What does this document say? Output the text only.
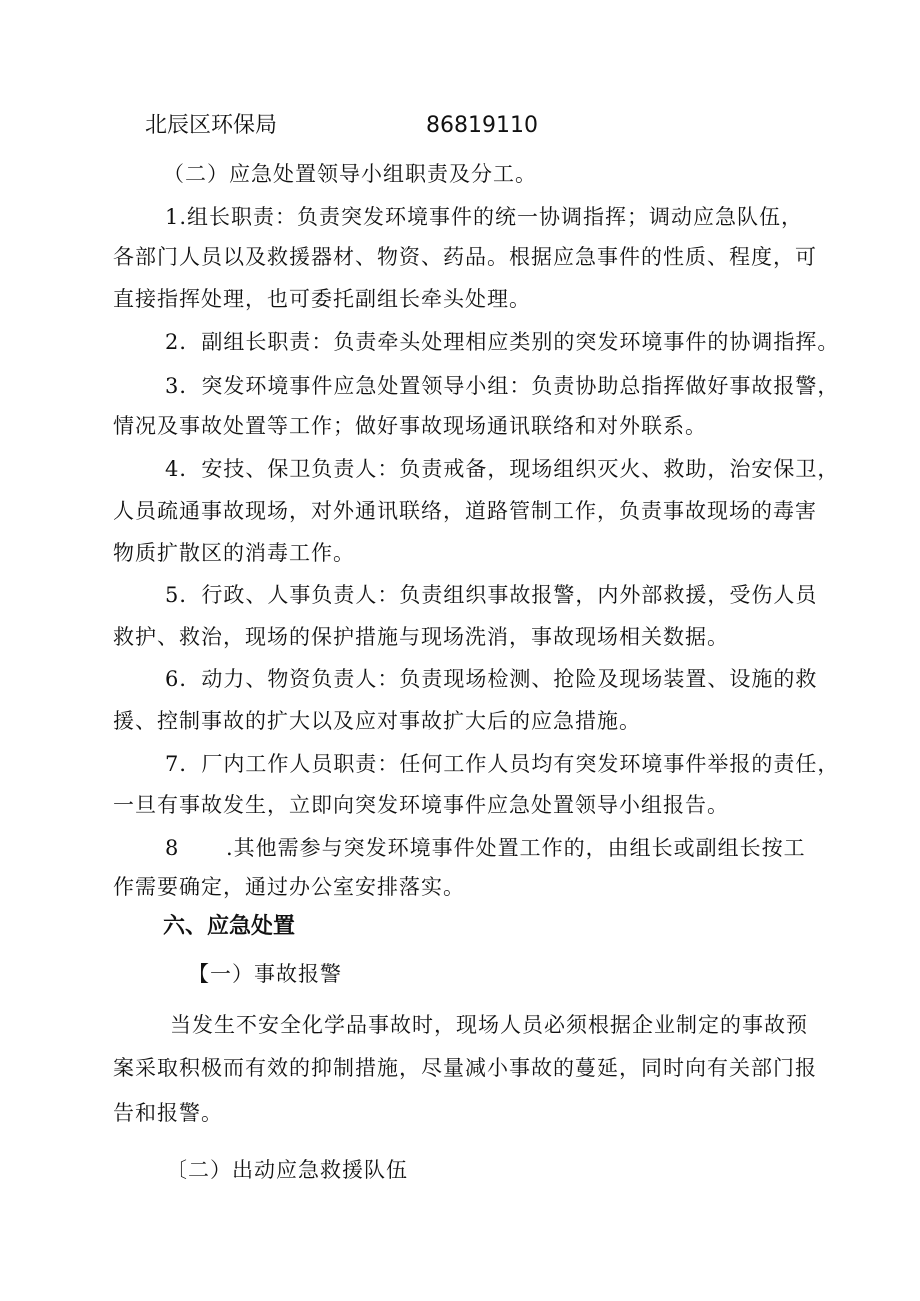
北辰区环保局	86819110
（二）应急处置领导小组职责及分工。
1.组长职责：负责突发环境事件的统一协调指挥；调动应急队伍，
各部门人员以及救援器材、物资、药品。根据应急事件的性质、程度，可
直接指挥处理，也可委托副组长牵头处理。
2．副组长职责：负责牵头处理相应类别的突发环境事件的协调指挥。
3．突发环境事件应急处置领导小组：负责协助总指挥做好事故报警，
情况及事故处置等工作；做好事故现场通讯联络和对外联系。
4．安技、保卫负责人：负责戒备，现场组织灭火、救助，治安保卫，
人员疏通事故现场，对外通讯联络，道路管制工作，负责事故现场的毒害
物质扩散区的消毒工作。
5．行政、人事负责人：负责组织事故报警，内外部救援，受伤人员
救护、救治，现场的保护措施与现场洗消，事故现场相关数据。
6．动力、物资负责人：负责现场检测、抢险及现场装置、设施的救
援、控制事故的扩大以及应对事故扩大后的应急措施。
7．厂内工作人员职责：任何工作人员均有突发环境事件举报的责任，
一旦有事故发生，立即向突发环境事件应急处置领导小组报告。
8 .其他需参与突发环境事件处置工作的，由组长或副组长按工
作需要确定，通过办公室安排落实。
六、应急处置
【一）事故报警
当发生不安全化学品事故时，现场人员必须根据企业制定的事故预
案采取积极而有效的抑制措施，尽量减小事故的蔓延，同时向有关部门报
告和报警。
〔二）出动应急救援队伍
